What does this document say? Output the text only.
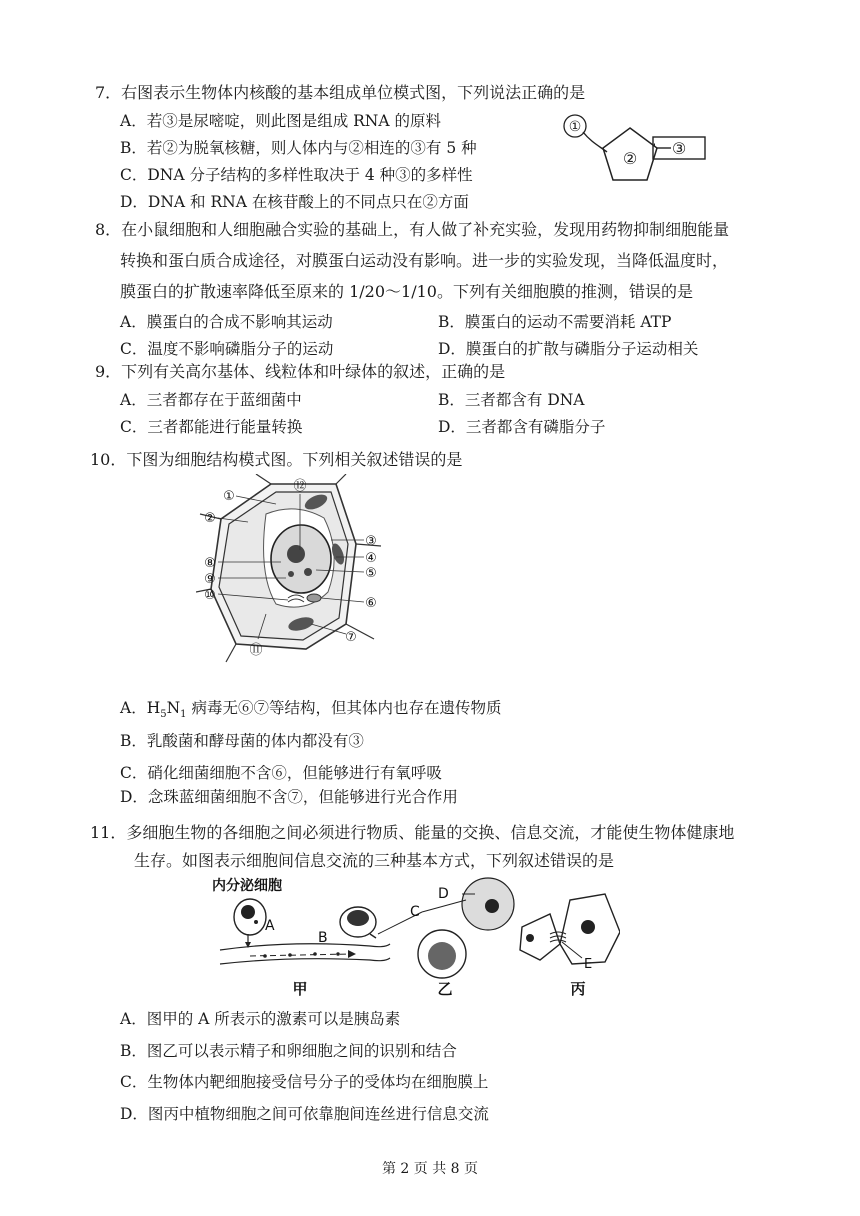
7．右图表示生物体内核酸的基本组成单位模式图，下列说法正确的是
A．若③是尿嘧啶，则此图是组成 RNA 的原料
B．若②为脱氧核糖，则人体内与②相连的③有 5 种
C．DNA 分子结构的多样性取决于 4 种③的多样性
D．DNA 和 RNA 在核苷酸上的不同点只在②方面
①
②
③
8．在小鼠细胞和人细胞融合实验的基础上，有人做了补充实验，发现用药物抑制细胞能量
转换和蛋白质合成途径，对膜蛋白运动没有影响。进一步的实验发现，当降低温度时，
膜蛋白的扩散速率降低至原来的 1/20～1/10。下列有关细胞膜的推测，错误的是
A．膜蛋白的合成不影响其运动	B．膜蛋白的运动不需要消耗 ATP
C．温度不影响磷脂分子的运动	D．膜蛋白的扩散与磷脂分子运动相关
9．下列有关高尔基体、线粒体和叶绿体的叙述，正确的是
A．三者都存在于蓝细菌中	B．三者都含有 DNA
C．三者都能进行能量转换	D．三者都含有磷脂分子
10．下图为细胞结构模式图。下列相关叙述错误的是
①
②
③
④
⑤
⑥
⑦
⑧
⑨
⑩
⑪
⑫
A．$H_5N_1$ 病毒无⑥⑦等结构，但其体内也存在遗传物质
B．乳酸菌和酵母菌的体内都没有③
C．硝化细菌细胞不含⑥，但能够进行有氧呼吸
D．念珠蓝细菌细胞不含⑦，但能够进行光合作用
11．多细胞生物的各细胞之间必须进行物质、能量的交换、信息交流，才能使生物体健康地
生存。如图表示细胞间信息交流的三种基本方式，下列叙述错误的是
内分泌细胞
A
B
C
D
E
甲	乙	丙
A．图甲的 A 所表示的激素可以是胰岛素
B．图乙可以表示精子和卵细胞之间的识别和结合
C．生物体内靶细胞接受信号分子的受体均在细胞膜上
D．图丙中植物细胞之间可依靠胞间连丝进行信息交流
第 2 页 共 8 页
